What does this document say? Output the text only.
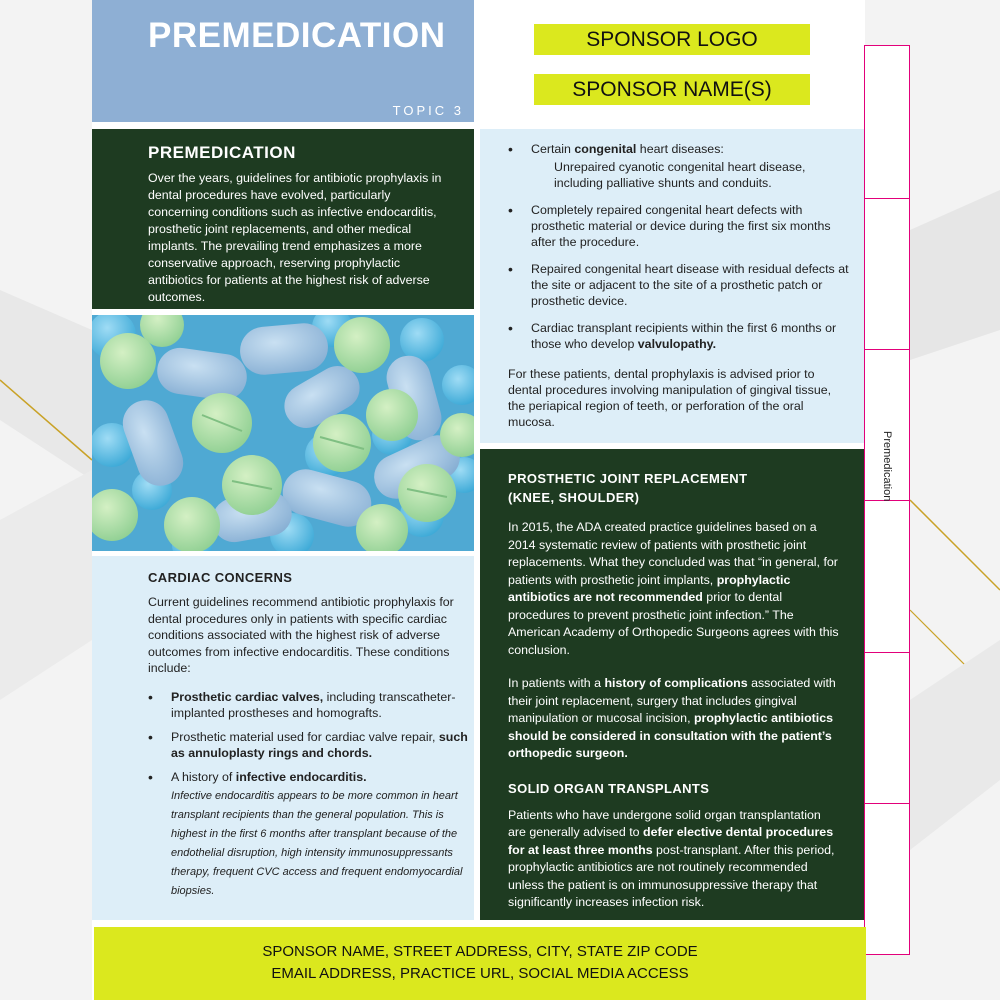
PREMEDICATION
TOPIC 3
SPONSOR LOGO
SPONSOR NAME(S)
PREMEDICATION

Over the years, guidelines for antibiotic prophylaxis in dental procedures have evolved, particularly concerning conditions such as infective endocarditis, prosthetic joint replacements, and other medical implants. The prevailing trend emphasizes a more conservative approach, reserving prophylactic antibiotics for patients at the highest risk of adverse outcomes.

CARDIAC CONCERNS

Current guidelines recommend antibiotic prophylaxis for dental procedures only in patients with specific cardiac conditions associated with the highest risk of adverse outcomes from infective endocarditis. These conditions include:

• Prosthetic cardiac valves, including transcatheter-implanted prostheses and homografts.
• Prosthetic material used for cardiac valve repair, such as annuloplasty rings and chords.
• A history of infective endocarditis.
Infective endocarditis appears to be more common in heart transplant recipients than the general population. This is highest in the first 6 months after transplant because of the endothelial disruption, high intensity immunosuppressants therapy, frequent CVC access and frequent endomyocardial biopsies.
• Certain congenital heart diseases:
Unrepaired cyanotic congenital heart disease, including palliative shunts and conduits.
• Completely repaired congenital heart defects with prosthetic material or device during the first six months after the procedure.
• Repaired congenital heart disease with residual defects at the site or adjacent to the site of a prosthetic patch or prosthetic device.
• Cardiac transplant recipients within the first 6 months or those who develop valvulopathy.

For these patients, dental prophylaxis is advised prior to dental procedures involving manipulation of gingival tissue, the periapical region of teeth, or perforation of the oral mucosa.

PROSTHETIC JOINT REPLACEMENT
(KNEE, SHOULDER)

In 2015, the ADA created practice guidelines based on a 2014 systematic review of patients with prosthetic joint replacements. What they concluded was that “in general, for patients with prosthetic joint implants, prophylactic antibiotics are not recommended prior to dental procedures to prevent prosthetic joint infection.” The American Academy of Orthopedic Surgeons agrees with this conclusion.

In patients with a history of complications associated with their joint replacement, surgery that includes gingival manipulation or mucosal incision, prophylactic antibiotics should be considered in consultation with the patient’s orthopedic surgeon.

SOLID ORGAN TRANSPLANTS

Patients who have undergone solid organ transplantation are generally advised to defer elective dental procedures for at least three months post-transplant. After this period, prophylactic antibiotics are not routinely recommended unless the patient is on immunosuppressive therapy that significantly increases infection risk.

Premedication
SPONSOR NAME, STREET ADDRESS, CITY, STATE ZIP CODE
EMAIL ADDRESS, PRACTICE URL, SOCIAL MEDIA ACCESS
